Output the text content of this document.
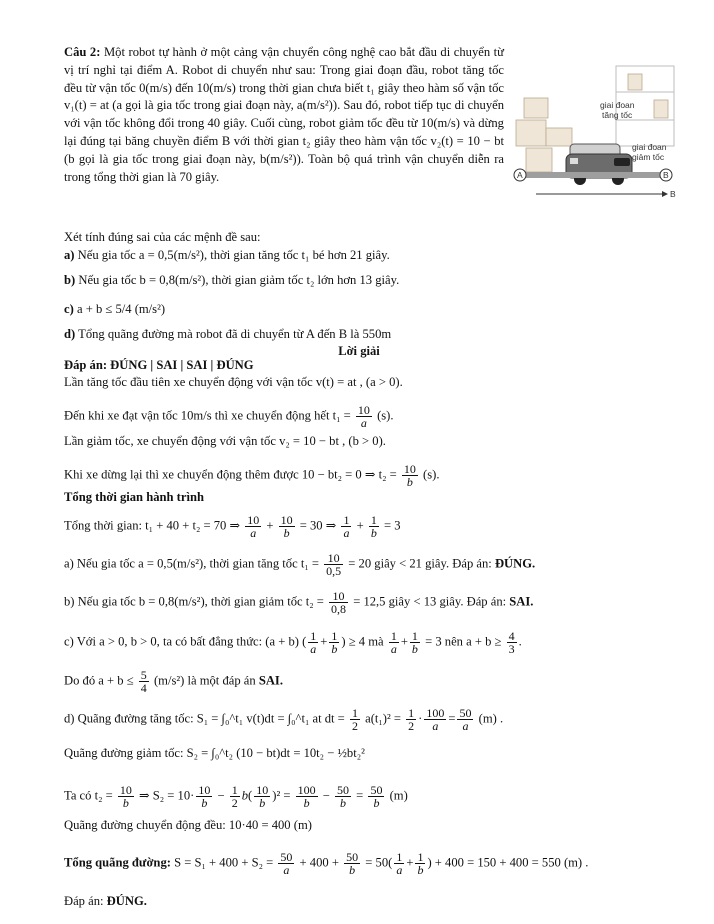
Câu 2: Một robot tự hành ở một cảng vận chuyển công nghệ cao bắt đầu di chuyển từ vị trí nghỉ tại điểm A. Robot di chuyển như sau: Trong giai đoạn đầu, robot tăng tốc đều từ vận tốc 0(m/s) đến 10(m/s) trong thời gian chưa biết t₁ giây theo hàm số vận tốc v₁(t) = at (a gọi là gia tốc trong giai đoạn này, a(m/s²)). Sau đó, robot tiếp tục di chuyển với vận tốc không đổi trong 40 giây. Cuối cùng, robot giảm tốc đều từ 10(m/s) và dừng lại đúng tại băng chuyền điểm B với thời gian t₂ giây theo hàm vận tốc v₂(t) = 10 − bt (b gọi là gia tốc trong giai đoạn này, b(m/s²)). Toàn bộ quá trình vận chuyển diễn ra trong tổng thời gian là 70 giây.
Xét tính đúng sai của các mệnh đề sau:
a) Nếu gia tốc a = 0,5(m/s²), thời gian tăng tốc t₁ bé hơn 21 giây.
b) Nếu gia tốc b = 0,8(m/s²), thời gian giảm tốc t₂ lớn hơn 13 giây.
c) a + b ≤ 5/4 (m/s²)
d) Tổng quãng đường mà robot đã di chuyển từ A đến B là 550m
Lời giải
Đáp án: ĐÚNG | SAI | SAI | ĐÚNG
Lần tăng tốc đầu tiên xe chuyển động với vận tốc v(t) = at , (a > 0).
Đến khi xe đạt vận tốc 10m/s thì xe chuyển động hết $t_1 = \frac{10}{a} (s)$.
Lần giảm tốc, xe chuyển động với vận tốc v₂ = 10 − bt , (b > 0).
Khi xe dừng lại thì xe chuyển động thêm được 10 − bt₂ = 0 ⇒ $t_2 = \frac{10}{b} (s)$.
Tổng thời gian hành trình
Tổng thời gian: t₁ + 40 + t₂ = 70 ⇒ $\frac{10}{a} + \frac{10}{b} = 30$ ⇒ $\frac{1}{a} + \frac{1}{b} = 3$
a) Nếu gia tốc a = 0,5(m/s²), thời gian tăng tốc $t_1 = \frac{10}{0,5} = 20$ giây < 21 giây. Đáp án: ĐÚNG.
b) Nếu gia tốc b = 0,8(m/s²), thời gian giảm tốc $t_2 = \frac{10}{0,8} = 12,5$ giây < 13 giây. Đáp án: SAI.
c) Với a > 0, b > 0, ta có bất đẳng thức: (a + b) ( $\frac{1}{a} + \frac{1}{b}$ ) ≥ 4 mà $\frac{1}{a} + \frac{1}{b} = 3$ nên $a + b \ge \frac{4}{3}$ .
Do đó $a + b \le \frac{5}{4} (m/s^2)$ là một đáp án SAI.
d) Quãng đường tăng tốc: S₁ = ∫₀^t₁ v(t)dt = ∫₀^t₁ at dt = $\frac{1}{2} a(t_1)^2 = \frac{1}{2} \cdot \frac{100}{a} = \frac{50}{a} (m)$ .
Quãng đường giảm tốc: S₂ = ∫₀^t₂ (10 − bt)dt = 10t₂ − ½bt₂²
Ta có $t_2 = \frac{10}{b}$ ⇒ $S_2 = 10\cdot \frac{10}{b} - \frac{1}{2} b( \frac{10}{b} )^2 = \frac{100}{b} - \frac{50}{b} = \frac{50}{b} (m)$
Quãng đường chuyển động đều: 10·40 = 400 (m)
Tổng quãng đường: $S = S_1 + 400 + S_2 = \frac{50}{a} + 400 + \frac{50}{b} = 50( \frac{1}{a} + \frac{1}{b}$ ) + 400 = 150 + 400 = 550 (m) .
Đáp án: ĐÚNG.
giai đoan
tăng tốc
giai đoan
giảm tốc
A	B
B
